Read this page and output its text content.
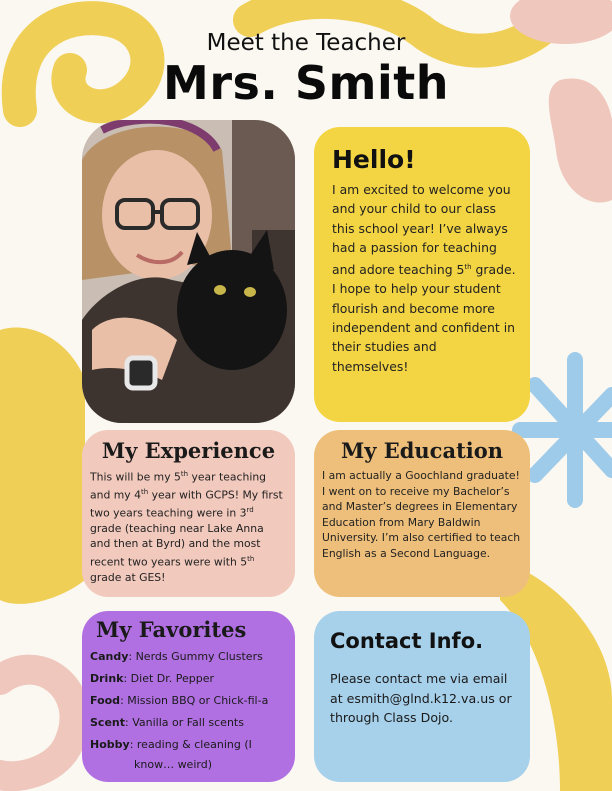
Meet the Teacher
Mrs. Smith
Hello!

I am excited to welcome you and your child to our class this school year! I’ve always had a passion for teaching and adore teaching 5th grade. I hope to help your student flourish and become more independent and confident in their studies and themselves!

My Experience

This will be my 5th year teaching and my 4th year with GCPS! My first two years teaching were in 3rd grade (teaching near Lake Anna and then at Byrd) and the most recent two years were with 5th grade at GES!

My Education

I am actually a Goochland graduate! I went on to receive my Bachelor’s and Master’s degrees in Elementary Education from Mary Baldwin University. I’m also certified to teach English as a Second Language.

My Favorites
Candy: Nerds Gummy Clusters
Drink: Diet Dr. Pepper
Food: Mission BBQ or Chick-fil-a
Scent: Vanilla or Fall scents
Hobby: reading & cleaning (I
know… weird)
Contact Info.

Please contact me via email at esmith@glnd.k12.va.us or through Class Dojo.
